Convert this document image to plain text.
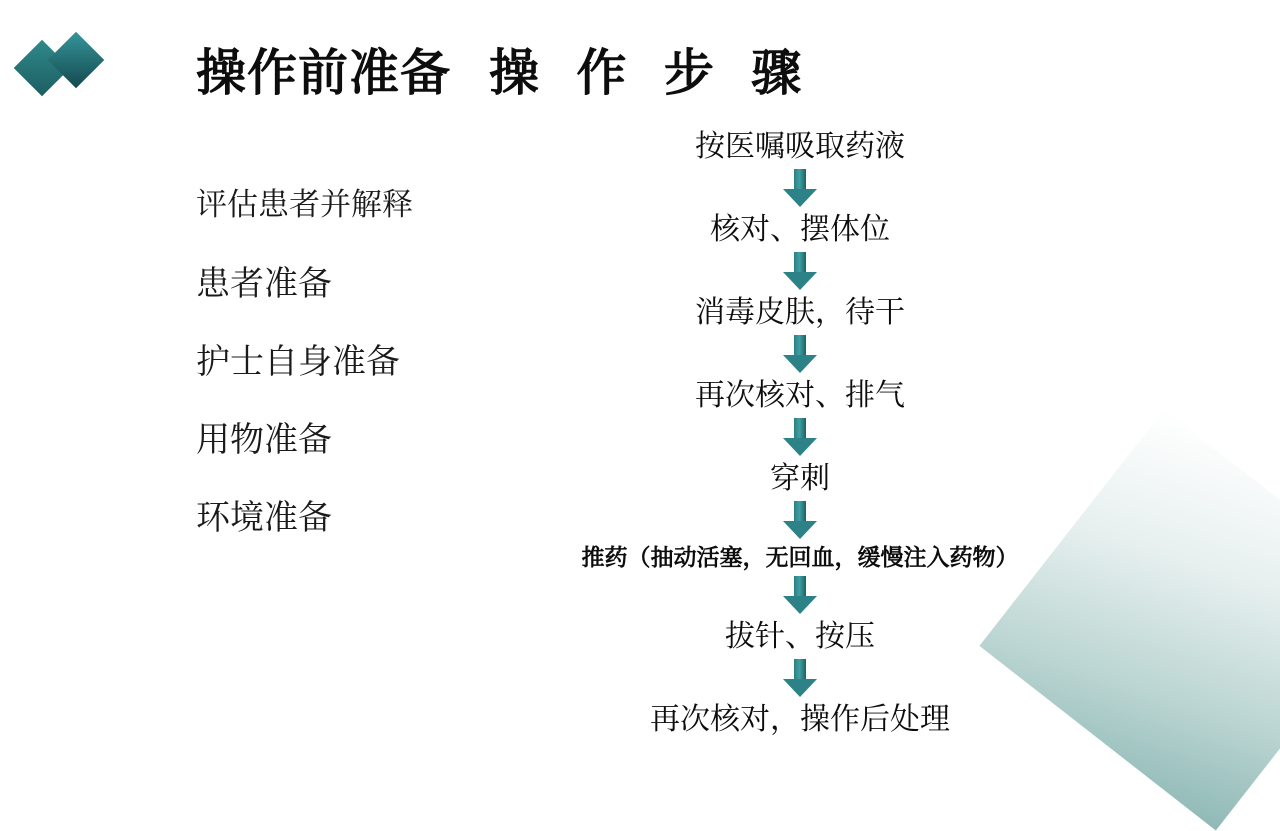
操作前准备 操 作 步 骤
评估患者并解释
患者准备
护士自身准备
用物准备
环境准备
按医嘱吸取药液
核对、摆体位
消毒皮肤，待干
再次核对、排气
穿刺
推药（抽动活塞，无回血，缓慢注入药物）
拔针、按压
再次核对，操作后处理
